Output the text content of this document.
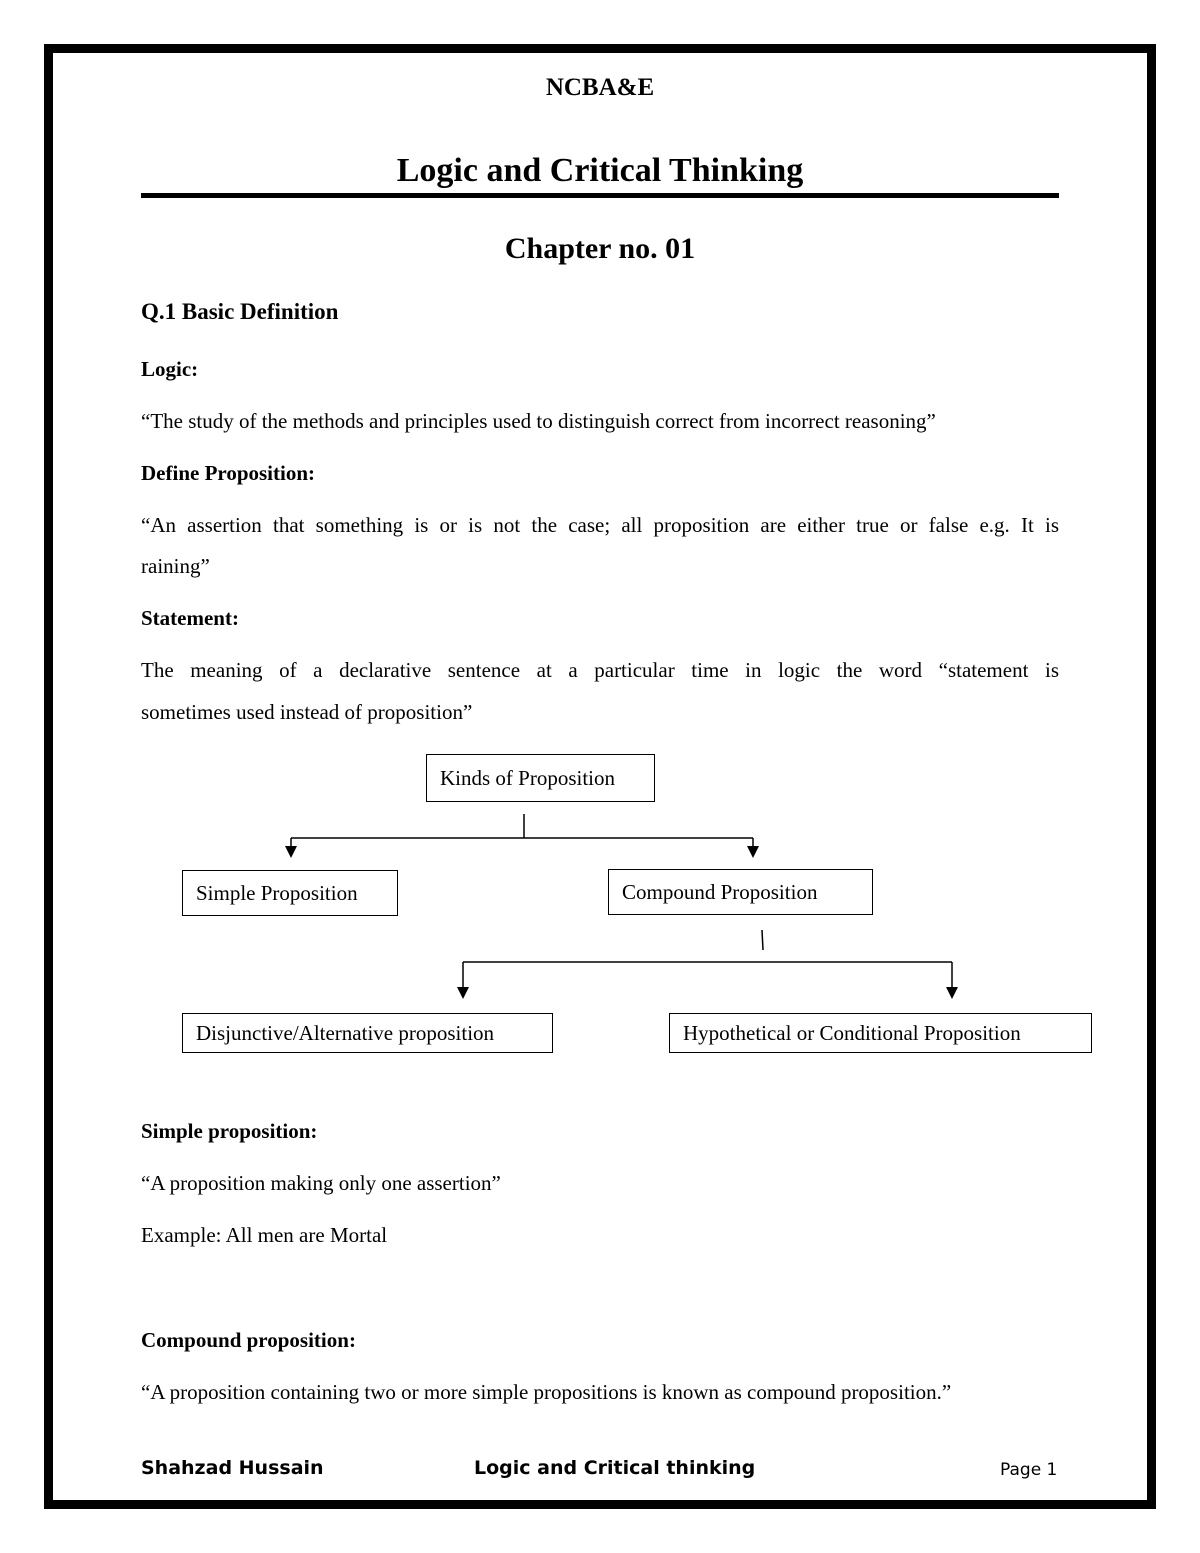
NCBA&E
Logic and Critical Thinking
Chapter no. 01
Q.1 Basic Definition
Logic:
“The study of the methods and principles used to distinguish correct from incorrect reasoning”
Define Proposition:
“An assertion that something is or is not the case; all proposition are either true or false e.g. It is
raining”
Statement:
The meaning of a declarative sentence at a particular time in logic the word “statement is
sometimes used instead of proposition”
Kinds of Proposition
Simple Proposition	Compound Proposition
Disjunctive/Alternative proposition	Hypothetical or Conditional Proposition
Simple proposition:
“A proposition making only one assertion”
Example: All men are Mortal
Compound proposition:
“A proposition containing two or more simple propositions is known as compound proposition.”
Shahzad Hussain	Logic and Critical thinking	Page 1
